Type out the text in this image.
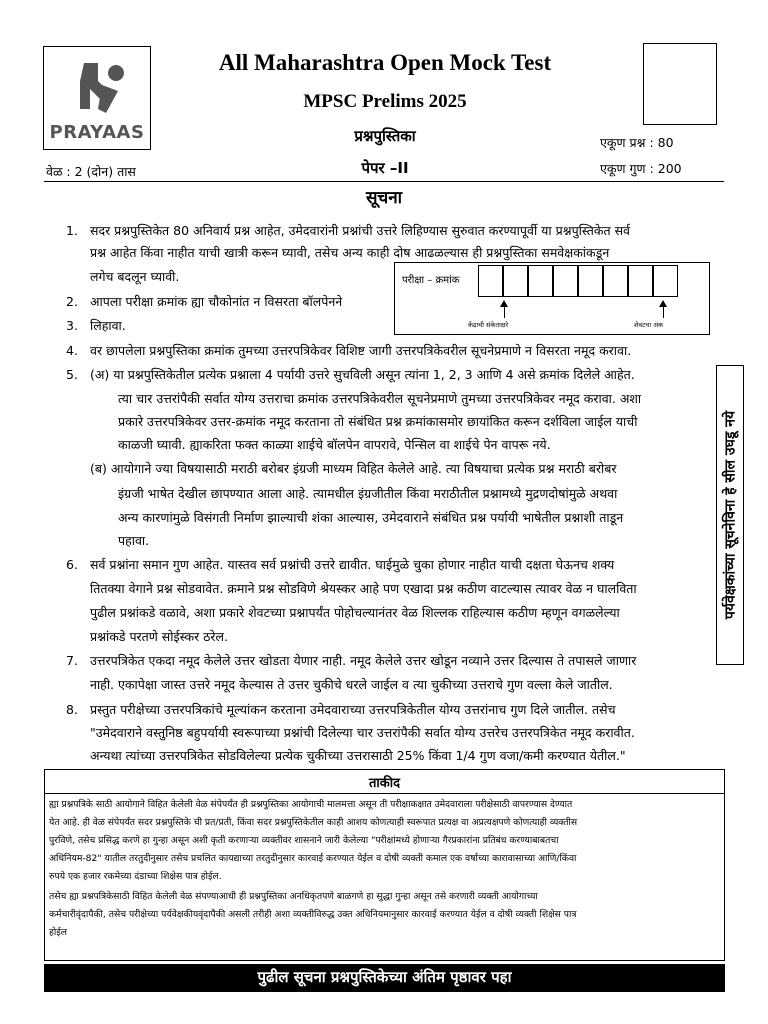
PRAYAAS
All Maharashtra Open Mock Test
MPSC Prelims 2025
प्रश्नपुस्तिका
पेपर –II
एकूण प्रश्न : 80
एकूण गुण : 200
वेळ : 2 (दोन) तास
सूचना
1. सदर प्रश्नपुस्तिकेत 80 अनिवार्य प्रश्न आहेत, उमेदवारांनी प्रश्नांची उत्तरे लिहिण्यास सुरुवात करण्यापूर्वी या प्रश्नपुस्तिकेत सर्व
प्रश्न आहेत किंवा नाहीत याची खात्री करून घ्यावी, तसेच अन्य काही दोष आढळल्यास ही प्रश्नपुस्तिका समवेक्षकांकडून
लगेच बदलून घ्यावी.
2. आपला परीक्षा क्रमांक ह्या चौकोनांत न विसरता बॉलपेनने
3. लिहावा.
4. वर छापलेला प्रश्नपुस्तिका क्रमांक तुमच्या उत्तरपत्रिकेवर विशिष्ट जागी उत्तरपत्रिकेवरील सूचनेप्रमाणे न विसरता नमूद करावा.
5. (अ) या प्रश्नपुस्तिकेतील प्रत्येक प्रश्नाला 4 पर्यायी उत्तरे सुचविली असून त्यांना 1, 2, 3 आणि 4 असे क्रमांक दिलेले आहेत.
त्या चार उत्तरांपैकी सर्वात योग्य उत्तराचा क्रमांक उत्तरपत्रिकेवरील सूचनेप्रमाणे तुमच्या उत्तरपत्रिकेवर नमूद करावा. अशा
प्रकारे उत्तरपत्रिकेवर उत्तर-क्रमांक नमूद करताना तो संबंधित प्रश्न क्रमांकासमोर छायांकित करून दर्शविला जाईल याची
काळजी घ्यावी. ह्याकरिता फक्त काळ्या शाईचे बॉलपेन वापरावे, पेन्सिल वा शाईचे पेन वापरू नये.
(ब) आयोगाने ज्या विषयासाठी मराठी बरोबर इंग्रजी माध्यम विहित केलेले आहे. त्या विषयाचा प्रत्येक प्रश्न मराठी बरोबर
इंग्रजी भाषेत देखील छापण्यात आला आहे. त्यामधील इंग्रजीतील किंवा मराठीतील प्रश्नामध्ये मुद्रणदोषांमुळे अथवा
अन्य कारणांमुळे विसंगती निर्माण झाल्याची शंका आल्यास, उमेदवाराने संबंधित प्रश्न पर्यायी भाषेतील प्रश्नाशी ताडून
पहावा.
6. सर्व प्रश्नांना समान गुण आहेत. यास्तव सर्व प्रश्नांची उत्तरे द्यावीत. घाईमुळे चुका होणार नाहीत याची दक्षता घेऊनच शक्य
तितक्या वेगाने प्रश्न सोडवावेत. क्रमाने प्रश्न सोडविणे श्रेयस्कर आहे पण एखादा प्रश्न कठीण वाटल्यास त्यावर वेळ न घालविता
पुढील प्रश्नांकडे वळावे, अशा प्रकारे शेवटच्या प्रश्नापर्यंत पोहोचल्यानंतर वेळ शिल्लक राहिल्यास कठीण म्हणून वगळलेल्या
प्रश्नांकडे परतणे सोईस्कर ठरेल.
7. उत्तरपत्रिकेत एकदा नमूद केलेले उत्तर खोडता येणार नाही. नमूद केलेले उत्तर खोडून नव्याने उत्तर दिल्यास ते तपासले जाणार
नाही. एकापेक्षा जास्त उत्तरे नमूद केल्यास ते उत्तर चुकीचे धरले जाईल व त्या चुकीच्या उत्तराचे गुण वल्ला केले जातील.
8. प्रस्तुत परीक्षेच्या उत्तरपत्रिकांचे मूल्यांकन करताना उमेदवाराच्या उत्तरपत्रिकेतील योग्य उत्तरांनाच गुण दिले जातील. तसेच
"उमेदवाराने वस्तुनिष्ठ बहुपर्यायी स्वरूपाच्या प्रश्नांची दिलेल्या चार उत्तरांपैकी सर्वात योग्य उत्तरेच उत्तरपत्रिकेत नमूद करावीत.
अन्यथा त्यांच्या उत्तरपत्रिकेत सोडविलेल्या प्रत्येक चुकीच्या उत्तरासाठी 25% किंवा 1/4 गुण वजा/कमी करण्यात येतील."
परीक्षा – क्रमांक
केंद्राची संकेताक्षरे	शेवटचा अंक
पर्यवेक्षकांच्या सूचनेविना हे सील उघडू नये
ताकीद
ह्या प्रश्नपत्रिके साठी आयोगाने विहित केलेली वेळ संपेपर्यंत ही प्रश्नपुस्तिका आयोगाची मालमत्ता असून ती परीक्षाकक्षात उमेदवाराला परीक्षेसाठी वापरण्यास देण्यात
येत आहे. ही वेळ संपेपर्यंत सदर प्रश्नपुस्तिके ची प्रत/प्रती, किंवा सदर प्रश्नपुस्तिकेतील काही आशय कोणत्याही स्वरूपात प्रत्यक्ष वा अप्रत्यक्षपणे कोणत्याही व्यक्तीस
पुरविणे, तसेच प्रसिद्ध करणे हा गुन्हा असून अशी कृती करणाऱ्या व्यक्तीवर शासनाने जारी केलेल्या "परीक्षांमध्ये होणाऱ्या गैरप्रकारांना प्रतिबंध करण्याबाबतचा
अधिनियम-82" यातील तरतुदीनुसार तसेच प्रचलित कायद्याच्या तरतुदीनुसार कारवाई करण्यात येईल व दोषी व्यक्ती कमाल एक वर्षाच्या कारावासाच्या आणि/किंवा
रुपये एक हजार रकमेच्या दंडाच्या शिक्षेस पात्र होईल.
तसेच ह्या प्रश्नपत्रिकेसाठी विहित केलेली वेळ संपण्याआधी ही प्रश्नपुस्तिका अनधिकृतपणे बाळगणे हा सुद्धा गुन्हा असून तसे करणारी व्यक्ती आयोगाच्या
कर्मचारीवृंदापैकी, तसेच परीक्षेच्या पर्यवेक्षकीयवृंदापैकी असली तरीही अशा व्यक्तीविरुद्ध उक्त अधिनियमानुसार कारवाई करण्यात येईल व दोषी व्यक्ती शिक्षेस पात्र
होईल
पुढील सूचना प्रश्नपुस्तिकेच्या अंतिम पृष्ठावर पहा
